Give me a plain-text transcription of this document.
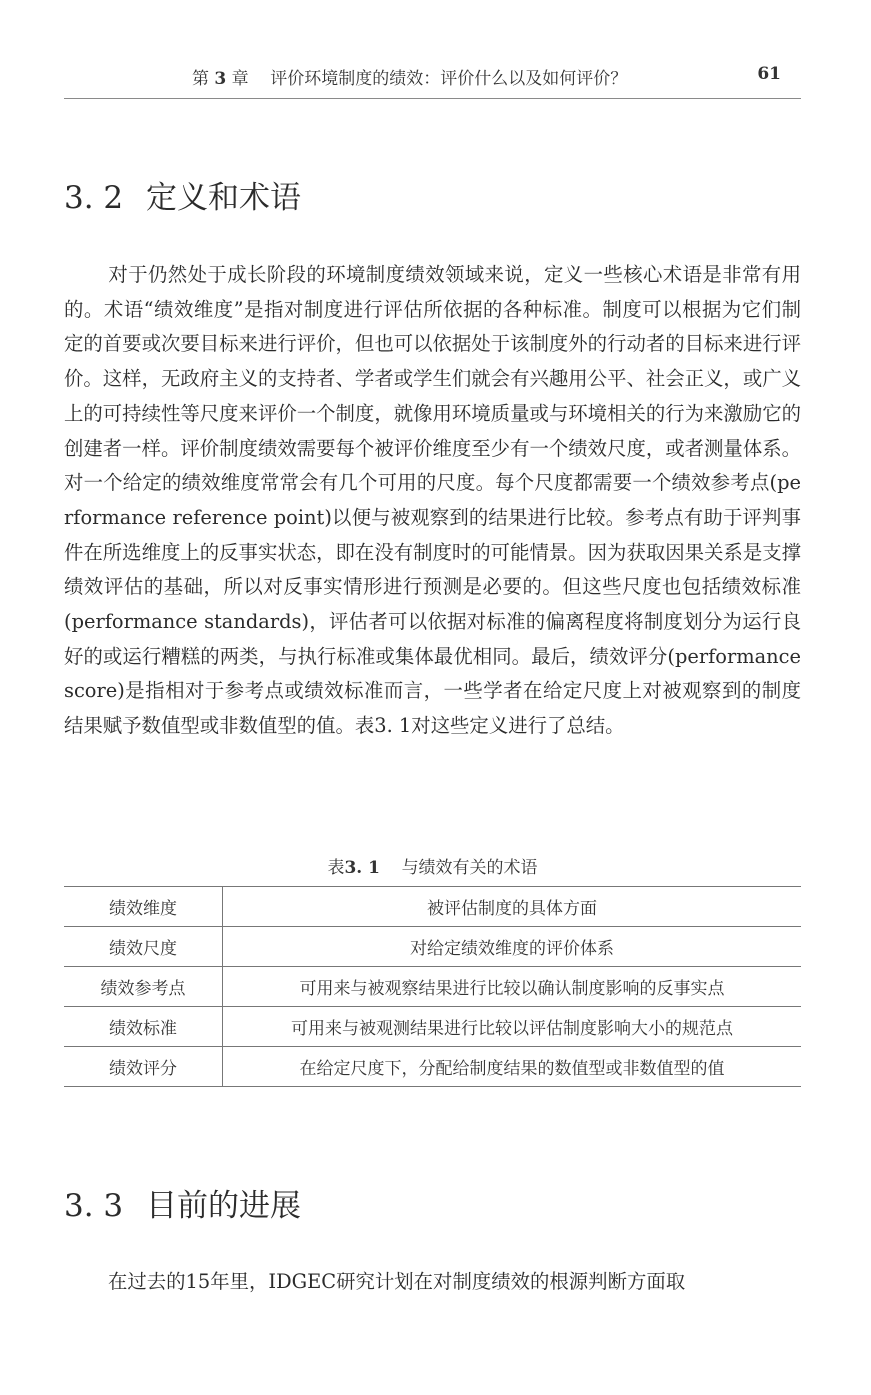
第 3 章 评价环境制度的绩效：评价什么以及如何评价？	61
3. 2 定义和术语

对于仍然处于成长阶段的环境制度绩效领域来说，定义一些核心术语是非常有用的。术语“绩效维度”是指对制度进行评估所依据的各种标准。制度可以根据为它们制定的首要或次要目标来进行评价，但也可以依据处于该制度外的行动者的目标来进行评价。这样，无政府主义的支持者、学者或学生们就会有兴趣用公平、社会正义，或广义上的可持续性等尺度来评价一个制度，就像用环境质量或与环境相关的行为来激励它的创建者一样。评价制度绩效需要每个被评价维度至少有一个绩效尺度，或者测量体系。对一个给定的绩效维度常常会有几个可用的尺度。每个尺度都需要一个绩效参考点(performance reference point)以便与被观察到的结果进行比较。参考点有助于评判事件在所选维度上的反事实状态，即在没有制度时的可能情景。因为获取因果关系是支撑绩效评估的基础，所以对反事实情形进行预测是必要的。但这些尺度也包括绩效标准(performance standards)，评估者可以依据对标准的偏离程度将制度划分为运行良好的或运行糟糕的两类，与执行标准或集体最优相同。最后，绩效评分(performance score)是指相对于参考点或绩效标准而言，一些学者在给定尺度上对被观察到的制度结果赋予数值型或非数值型的值。表3. 1对这些定义进行了总结。

表3. 1 与绩效有关的术语
绩效维度	被评估制度的具体方面
绩效尺度	对给定绩效维度的评价体系
绩效参考点	可用来与被观察结果进行比较以确认制度影响的反事实点
绩效标准	可用来与被观测结果进行比较以评估制度影响大小的规范点
绩效评分	在给定尺度下，分配给制度结果的数值型或非数值型的值
3. 3 目前的进展

在过去的15年里，IDGEC研究计划在对制度绩效的根源判断方面取
